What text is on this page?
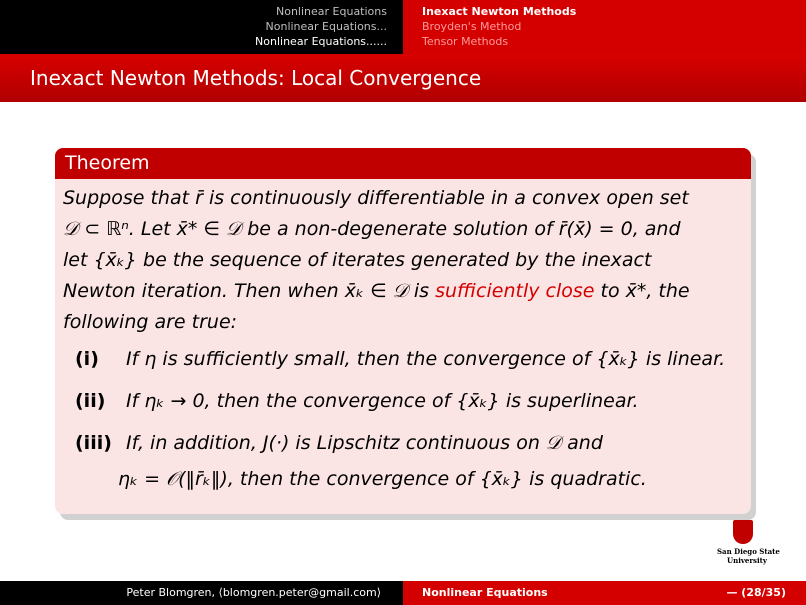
Nonlinear Equations
Nonlinear Equations...
Nonlinear Equations......
Inexact Newton Methods
Broyden's Method
Tensor Methods
Inexact Newton Methods: Local Convergence
Theorem
Suppose that r̄ is continuously differentiable in a convex open set
𝒟 ⊂ ℝⁿ. Let x̄* ∈ 𝒟 be a non-degenerate solution of r̄(x̄) = 0, and
let {x̄ₖ} be the sequence of iterates generated by the inexact
Newton iteration. Then when x̄ₖ ∈ 𝒟 is sufficiently close to x̄*, the
following are true:
(i) If η is sufficiently small, then the convergence of {x̄ₖ} is linear.
(ii) If ηₖ → 0, then the convergence of {x̄ₖ} is superlinear.
(iii) If, in addition, J(·) is Lipschitz continuous on 𝒟 and
ηₖ = 𝒪(‖r̄ₖ‖), then the convergence of {x̄ₖ} is quadratic.
San Diego State
University
Peter Blomgren, ⟨blomgren.peter@gmail.com⟩	Nonlinear Equations	— (28/35)
